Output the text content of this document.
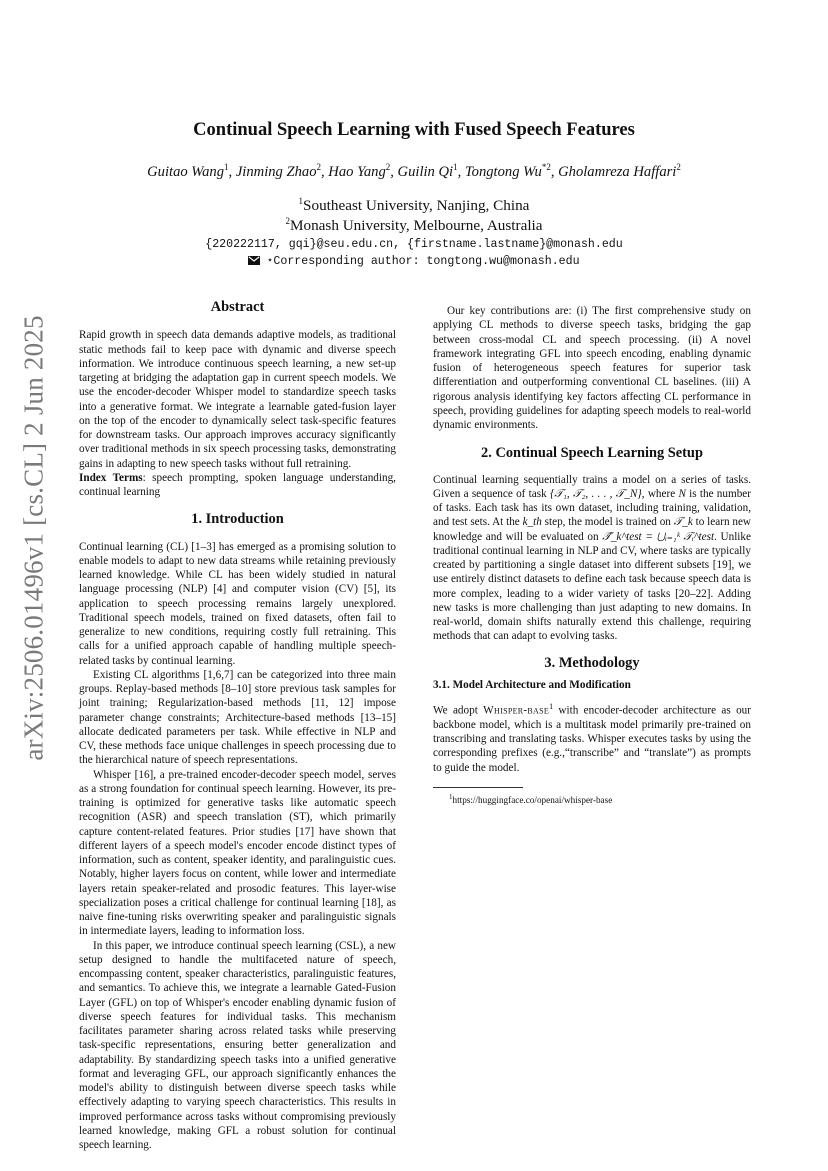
arXiv:2506.01496v1 [cs.CL] 2 Jun 2025
Continual Speech Learning with Fused Speech Features
Guitao Wang$^1$, Jinming Zhao$^2$, Hao Yang$^2$, Guilin Qi$^1$, Tongtong Wu$^{*2}$, Gholamreza Haffari$^2$
$^1$Southeast University, Nanjing, China
$^2$Monash University, Melbourne, Australia
{220222117, gqi}@seu.edu.cn, {firstname.lastname}@monash.edu
⋆Corresponding author: tongtong.wu@monash.edu
Abstract

Rapid growth in speech data demands adaptive models, as traditional static methods fail to keep pace with dynamic and diverse speech information. We introduce continuous speech learning, a new set-up targeting at bridging the adaptation gap in current speech models. We use the encoder-decoder Whisper model to standardize speech tasks into a generative format. We integrate a learnable gated-fusion layer on the top of the encoder to dynamically select task-specific features for downstream tasks. Our approach improves accuracy significantly over traditional methods in six speech processing tasks, demonstrating gains in adapting to new speech tasks without full retraining.

Index Terms: speech prompting, spoken language understanding, continual learning

1. Introduction

Continual learning (CL) [1–3] has emerged as a promising solution to enable models to adapt to new data streams while retaining previously learned knowledge. While CL has been widely studied in natural language processing (NLP) [4] and computer vision (CV) [5], its application to speech processing remains largely unexplored. Traditional speech models, trained on fixed datasets, often fail to generalize to new conditions, requiring costly full retraining. This calls for a unified approach capable of handling multiple speech-related tasks by continual learning.

Existing CL algorithms [1,6,7] can be categorized into three main groups. Replay-based methods [8–10] store previous task samples for joint training; Regularization-based methods [11, 12] impose parameter change constraints; Architecture-based methods [13–15] allocate dedicated parameters per task. While effective in NLP and CV, these methods face unique challenges in speech processing due to the hierarchical nature of speech representations.

Whisper [16], a pre-trained encoder-decoder speech model, serves as a strong foundation for continual speech learning. However, its pre-training is optimized for generative tasks like automatic speech recognition (ASR) and speech translation (ST), which primarily capture content-related features. Prior studies [17] have shown that different layers of a speech model's encoder encode distinct types of information, such as content, speaker identity, and paralinguistic cues. Notably, higher layers focus on content, while lower and intermediate layers retain speaker-related and prosodic features. This layer-wise specialization poses a critical challenge for continual learning [18], as naive fine-tuning risks overwriting speaker and paralinguistic signals in intermediate layers, leading to information loss.

In this paper, we introduce continual speech learning (CSL), a new setup designed to handle the multifaceted nature of speech, encompassing content, speaker characteristics, paralinguistic features, and semantics. To achieve this, we integrate a learnable Gated-Fusion Layer (GFL) on top of Whisper's encoder enabling dynamic fusion of diverse speech features for individual tasks. This mechanism facilitates parameter sharing across related tasks while preserving task-specific representations, ensuring better generalization and adaptability. By standardizing speech tasks into a unified generative format and leveraging GFL, our approach significantly enhances the model's ability to distinguish between diverse speech tasks while effectively adapting to varying speech characteristics. This results in improved performance across tasks without compromising previously learned knowledge, making GFL a robust solution for continual speech learning.

Our key contributions are: (i) The first comprehensive study on applying CL methods to diverse speech tasks, bridging the gap between cross-modal CL and speech processing. (ii) A novel framework integrating GFL into speech encoding, enabling dynamic fusion of heterogeneous speech features for superior task differentiation and outperforming conventional CL baselines. (iii) A rigorous analysis identifying key factors affecting CL performance in speech, providing guidelines for adapting speech models to real-world dynamic environments.

2. Continual Speech Learning Setup

Continual learning sequentially trains a model on a series of tasks. Given a sequence of task {𝒯₁, 𝒯₂, . . . , 𝒯_N}, where N is the number of tasks. Each task has its own dataset, including training, validation, and test sets. At the k_th step, the model is trained on 𝒯_k to learn new knowledge and will be evaluated on 𝒯̃_k^test = ⋃ᵢ₌₁ᵏ 𝒯ᵢ^test. Unlike traditional continual learning in NLP and CV, where tasks are typically created by partitioning a single dataset into different subsets [19], we use entirely distinct datasets to define each task because speech data is more complex, leading to a wider variety of tasks [20–22]. Adding new tasks is more challenging than just adapting to new domains. In real-world, domain shifts naturally extend this challenge, requiring methods that can adapt to evolving tasks.

3. Methodology
3.1. Model Architecture and Modification

We adopt Whisper-base$^1$ with encoder-decoder architecture as our backbone model, which is a multitask model primarily pre-trained on transcribing and translating tasks. Whisper executes tasks by using the corresponding prefixes (e.g.,“transcribe” and “translate”) as prompts to guide the model.

$^1$https://huggingface.co/openai/whisper-base
